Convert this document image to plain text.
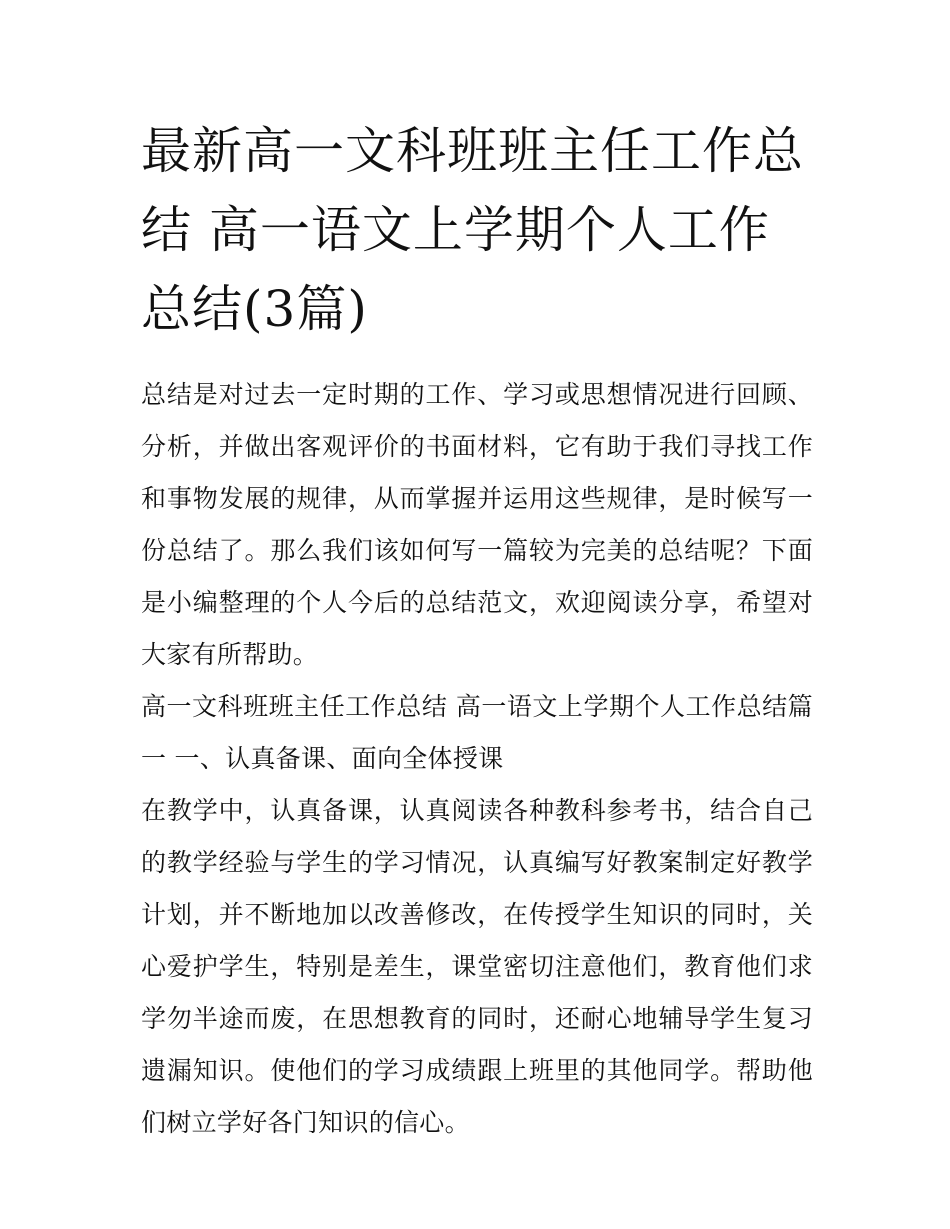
最新高一文科班班主任工作总结 高一语文上学期个人工作总结(3篇)

总结是对过去一定时期的工作、学习或思想情况进行回顾、分析，并做出客观评价的书面材料，它有助于我们寻找工作和事物发展的规律，从而掌握并运用这些规律，是时候写一份总结了。那么我们该如何写一篇较为完美的总结呢？下面是小编整理的个人今后的总结范文，欢迎阅读分享，希望对大家有所帮助。

高一文科班班主任工作总结 高一语文上学期个人工作总结篇一 一、认真备课、面向全体授课

在教学中，认真备课，认真阅读各种教科参考书，结合自己的教学经验与学生的学习情况，认真编写好教案制定好教学计划，并不断地加以改善修改，在传授学生知识的同时，关心爱护学生，特别是差生，课堂密切注意他们，教育他们求学勿半途而废，在思想教育的同时，还耐心地辅导学生复习遗漏知识。使他们的学习成绩跟上班里的其他同学。帮助他们树立学好各门知识的信心。
